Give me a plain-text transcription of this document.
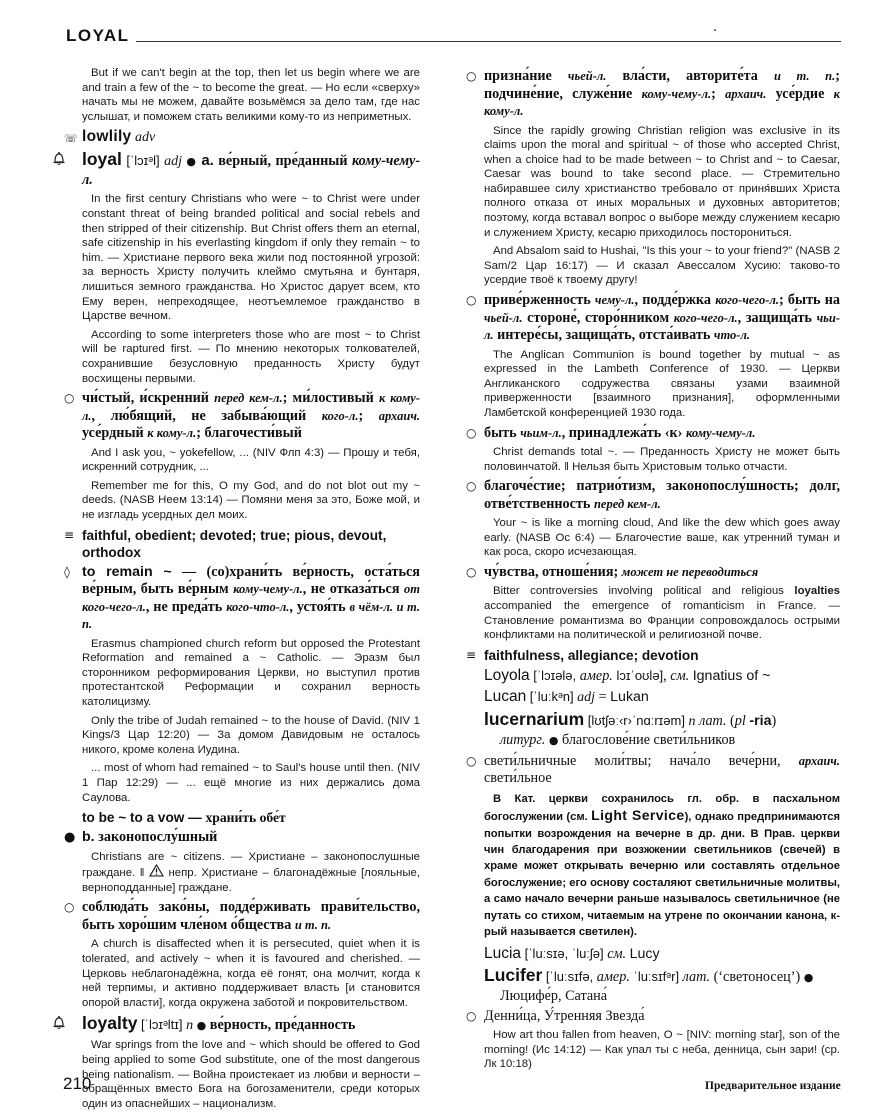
LOYAL

But if we can't begin at the top, then let us begin where we are and train a few of the ~ to become the great. — Но если «сверху» начать мы не можем, давайте возьмёмся за дело там, где нас услышат, и поможем стать великими кому-то из неприметных.

☏ lowlily adv
loyal [ˈlɔɪᵊl] adj ● a. ве́рный, пре́данный кому-чему-л.

In the first century Christians who were ~ to Christ were under constant threat of being branded political and social rebels and then stripped of their citizenship. But Christ offers them an eternal, safe citizenship in his everlasting kingdom if only they remain ~ to him. — Христиане первого века жили под постоянной угрозой: за верность Христу получить клеймо смутьяна и бунтаря, лишиться земного гражданства. Но Христос дарует всем, кто Ему верен, непреходящее, неотъемлемое гражданство в Царстве вечном.

According to some interpreters those who are most ~ to Christ will be raptured first. — По мнению некоторых толкователей, сохранившие безусловную преданность Христу будут восхищены первыми.

○ чи́стый, и́скренний перед кем-л.; ми́лостивый к кому-л., лю́бящий, не забыва́ющий кого-л.; архаич. усе́рдный к кому-л.; благочести́вый

And I ask you, ~ yokefellow, ... (NIV Флп 4:3) — Прошу и тебя, искренний сотрудник, ...

Remember me for this, O my God, and do not blot out my ~ deeds. (NASB Неем 13:14) — Помяни меня за это, Боже мой, и не изгладь усердных дел моих.

≡ faithful, obedient; devoted; true; pious, devout, orthodox
◊ to remain ~ — (со)храни́ть ве́рность, оста́ться ве́рным, быть ве́рным кому-чему-л., не отказа́ться от кого-чего-л., не преда́ть кого-что-л., устоя́ть в чём-л. и т. п.

Erasmus championed church reform but opposed the Protestant Reformation and remained a ~ Catholic. — Эразм был сторонником реформирования Церкви, но выступил против протестантской Реформации и сохранил верность католицизму.

Only the tribe of Judah remained ~ to the house of David. (NIV 1 Kings/3 Цар 12:20) — За домом Давидовым не осталось никого, кроме колена Иудина.

... most of whom had remained ~ to Saul's house until then. (NIV 1 Пар 12:29) — ... ещё многие из них держались дома Саулова.

to be ~ to a vow — храни́ть обе́т
● b. законопослу́шный

Christians are ~ citizens. — Христиане – законопослушные граждане. ‖  непр. Христиане – благонадёжные [лояльные, верноподданные] граждане.

○ соблюда́ть зако́ны, подде́рживать прави́тельство, быть хоро́шим чле́ном о́бщества и т. п.

A church is disaffected when it is persecuted, quiet when it is tolerated, and actively ~ when it is favoured and cherished. — Церковь неблагонадёжна, когда её гонят, она молчит, когда к ней терпимы, и активно поддерживает власть [и становится опорой власти], когда окружена заботой и покровительством.

loyalty [ˈlɔɪᵊltɪ] n ● ве́рность, пре́данность

War springs from the love and ~ which should be offered to God being applied to some God substitute, one of the most dangerous being nationalism. — Война проистекает из любви и верности – обращённых вместо Бога на богозаменители, среди которых один из опаснейших – национализм.

○ призна́ние чьей-л. вла́сти, авторите́та и т. п.; подчине́ние, служе́ние кому-чему-л.; архаич. усе́рдие к кому-л.

Since the rapidly growing Christian religion was exclusive in its claims upon the moral and spiritual ~ of those who accepted Christ, when a choice had to be made between ~ to Christ and ~ to Caesar, Caesar was bound to take second place. — Стремительно набиравшее силу христианство требовало от приня́вших Христа полного отказа от иных моральных и духовных авторитетов; поэтому, когда вставал вопрос о выборе между служением кесарю и служением Христу, кесарю приходилось посторониться.

And Absalom said to Hushai, "Is this your ~ to your friend?" (NASB 2 Sam/2 Цар 16:17) — И сказал Авессалом Хусию: таково-то усердие твоё к твоему другу!

○ приве́рженность чему-л., подде́ржка кого-чего-л.; быть на чьей-л. стороне́, сторо́нником кого-чего-л., защища́ть чьи-л. интере́сы, защища́ть, отста́ивать что-л.

The Anglican Communion is bound together by mutual ~ as expressed in the Lambeth Conference of 1930. — Церкви Англиканского содружества связаны узами взаимной приверженности [взаимного признания], оформленными Ламбетской конференцией 1930 года.

○ быть чьим-л., принадлежа́ть ‹к› кому-чему-л.

Christ demands total ~. — Преданность Христу не может быть половинчатой. ‖ Нельзя быть Христовым только отчасти.

○ благоче́стие; патрио́тизм, законопослу́шность; долг, отве́тственность перед кем-л.

Your ~ is like a morning cloud, And like the dew which goes away early. (NASB Ос 6:4) — Благочестие ваше, как утренний туман и как роса, скоро исчезающая.

○ чу́вства, отноше́ния; может не переводиться

Bitter controversies involving political and religious loyalties accompanied the emergence of romanticism in France. — Становление романтизма во Франции сопровождалось острыми конфликтами на политической и религиозной почве.

≡ faithfulness, allegiance; devotion
Loyola [ˈlɔɪələ, амер. lɔɪˈoʊlə], см. Ignatius of ~
Lucan [ˈluːkᵊn] adj = Lukan
lucernarium [lʊtʃəː‹r›ˈnɑːrɪəm] n лат. (pl -ria)
литург. ● благослове́ние свети́льников
○ свети́льничные моли́твы; нача́ло вече́рни, архаич. свети́льное

В Кат. церкви сохранилось гл. обр. в пасхальном богослужении (см. Light Service), однако предпринимаются попытки возрождения на вечерне в др. дни. В Прав. церкви чин благодарения при возжжении светильников (свечей) в храме может открывать вечерню или составлять отдельное богослужение; его основу состаляют светильничные молитвы, а само начало вечерни раньше называлось светильничное (не путать со стихом, читаемым на утрене по окончании канона, к-рый называется светилен).

Lucia [ˈluːsɪə, ˈluːʃə] см. Lucy
Lucifer [ˈluːsɪfə, амер. ˈluːsɪfᵊr] лат. (‘светоносец’) ●
Люцифе́р, Сатана́
○ Денни́ца, У́тренняя Звезда́

How art thou fallen from heaven, O ~ [NIV: morning star], son of the morning! (Ис 14:12) — Как упал ты с неба, денница, сын зари! (ср. Лк 10:18)

210	Предварительное издание
